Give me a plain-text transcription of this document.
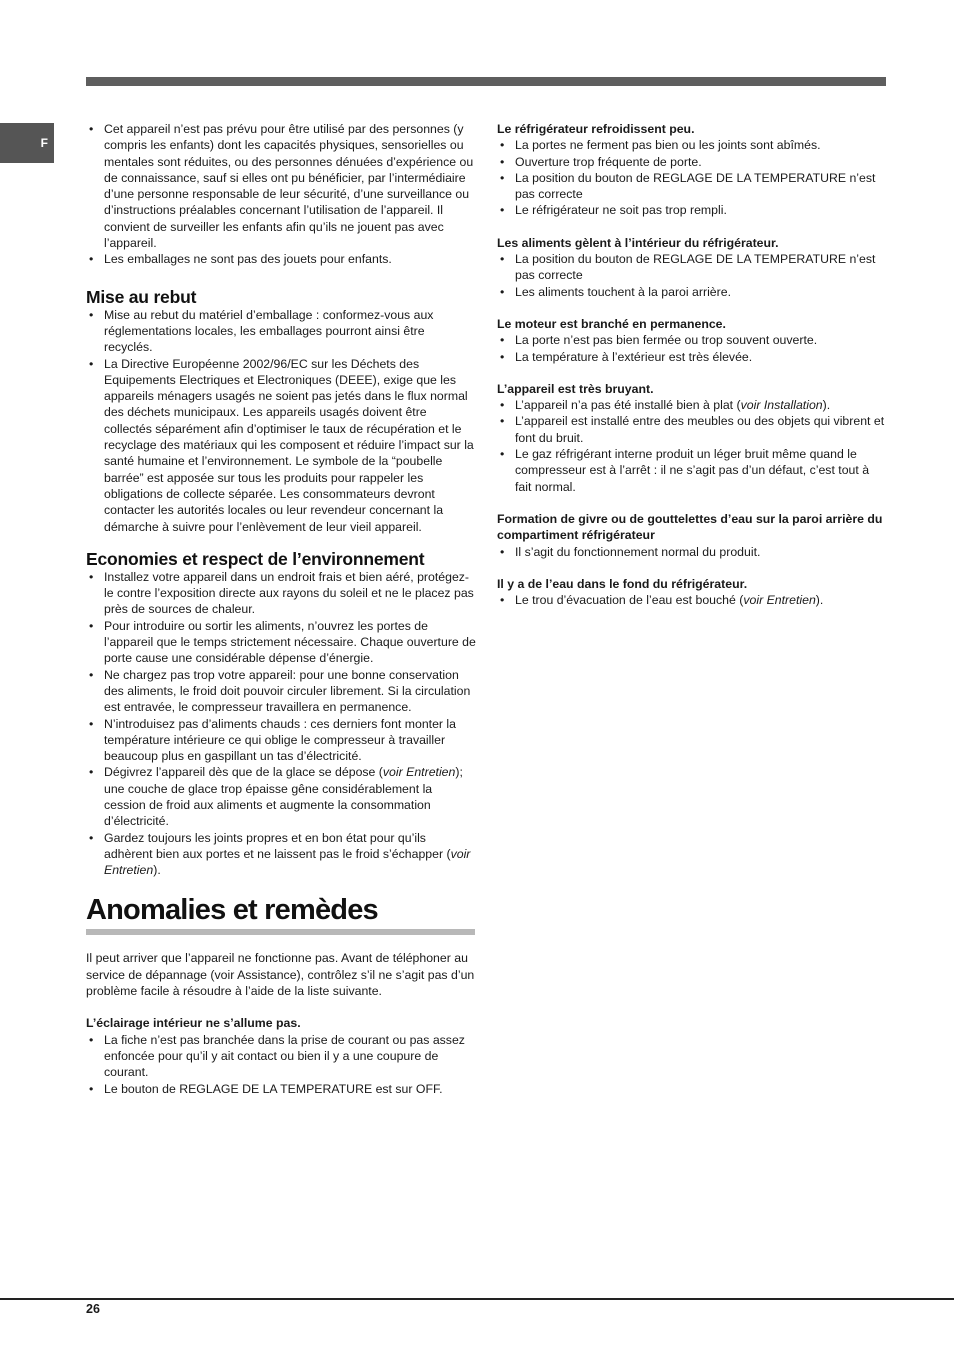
F
• Cet appareil n’est pas prévu pour être utilisé par des personnes (y compris les enfants) dont les capacités physiques, sensorielles ou mentales sont réduites, ou des personnes dénuées d’expérience ou de connaissance, sauf si elles ont pu bénéficier, par l’intermédiaire d’une personne responsable de leur sécurité, d’une surveillance ou d’instructions préalables concernant l’utilisation de l’appareil. Il convient de surveiller les enfants afin qu’ils ne jouent pas avec l’appareil.
• Les emballages ne sont pas des jouets pour enfants.
Mise au rebut
• Mise au rebut du matériel d’emballage : conformez-vous aux réglementations locales, les emballages pourront ainsi être recyclés.
• La Directive Européenne 2002/96/EC sur les Déchets des Equipements Electriques et Electroniques (DEEE), exige que les appareils ménagers usagés ne soient pas jetés dans le flux normal des déchets municipaux. Les appareils usagés doivent être collectés séparément afin d’optimiser le taux de récupération et le recyclage des matériaux qui les composent et réduire l’impact sur la santé humaine et l’environnement. Le symbole de la “poubelle barrée” est apposée sur tous les produits pour rappeler les obligations de collecte séparée. Les consommateurs devront contacter les autorités locales ou leur revendeur concernant la démarche à suivre pour l’enlèvement de leur vieil appareil.
Economies et respect de l’environnement
• Installez votre appareil dans un endroit frais et bien aéré, protégez-le contre l’exposition directe aux rayons du soleil et ne le placez pas près de sources de chaleur.
• Pour introduire ou sortir les aliments, n’ouvrez les portes de l’appareil que le temps strictement nécessaire. Chaque ouverture de porte cause une considérable dépense d’énergie.
• Ne chargez pas trop votre appareil: pour une bonne conservation des aliments, le froid doit pouvoir circuler librement. Si la circulation est entravée, le compresseur travaillera en permanence.
• N’introduisez pas d’aliments chauds : ces derniers font monter la température intérieure ce qui oblige le compresseur à travailler beaucoup plus en gaspillant un tas d’électricité.
• Dégivrez l’appareil dès que de la glace se dépose (voir Entretien); une couche de glace trop épaisse gêne considérablement la cession de froid aux aliments et augmente la consommation d’électricité.
• Gardez toujours les joints propres et en bon état pour qu’ils adhèrent bien aux portes et ne laissent pas le froid s’échapper (voir Entretien).
Anomalies et remèdes

Il peut arriver que l’appareil ne fonctionne pas. Avant de téléphoner au service de dépannage (voir Assistance), contrôlez s’il ne s’agit pas d’un problème facile à résoudre à l’aide de la liste suivante.

L’éclairage intérieur ne s’allume pas.
• La fiche n’est pas branchée dans la prise de courant ou pas assez enfoncée pour qu’il y ait contact ou bien il y a une coupure de courant.
• Le bouton de REGLAGE DE LA TEMPERATURE est sur OFF.
Le réfrigérateur refroidissent peu.
• La portes ne ferment pas bien ou les joints sont abîmés.
• Ouverture trop fréquente de porte.
• La position du bouton de REGLAGE DE LA TEMPERATURE n’est pas correcte
• Le réfrigérateur ne soit pas trop rempli.
Les aliments gèlent à l’intérieur du réfrigérateur.
• La position du bouton de REGLAGE DE LA TEMPERATURE n’est pas correcte
• Les aliments touchent à la paroi arrière.
Le moteur est branché en permanence.
• La porte n’est pas bien fermée ou trop souvent ouverte.
• La température à l’extérieur est très élevée.
L’appareil est très bruyant.
• L’appareil n’a pas été installé bien à plat (voir Installation).
• L’appareil est installé entre des meubles ou des objets qui vibrent et font du bruit.
• Le gaz réfrigérant interne produit un léger bruit même quand le compresseur est à l’arrêt : il ne s’agit pas d’un défaut, c’est tout à fait normal.
Formation de givre ou de gouttelettes d’eau sur la paroi arrière du compartiment réfrigérateur
• Il s’agit du fonctionnement normal du produit.
Il y a de l’eau dans le fond du réfrigérateur.
• Le trou d’évacuation de l’eau est bouché (voir Entretien).
26
